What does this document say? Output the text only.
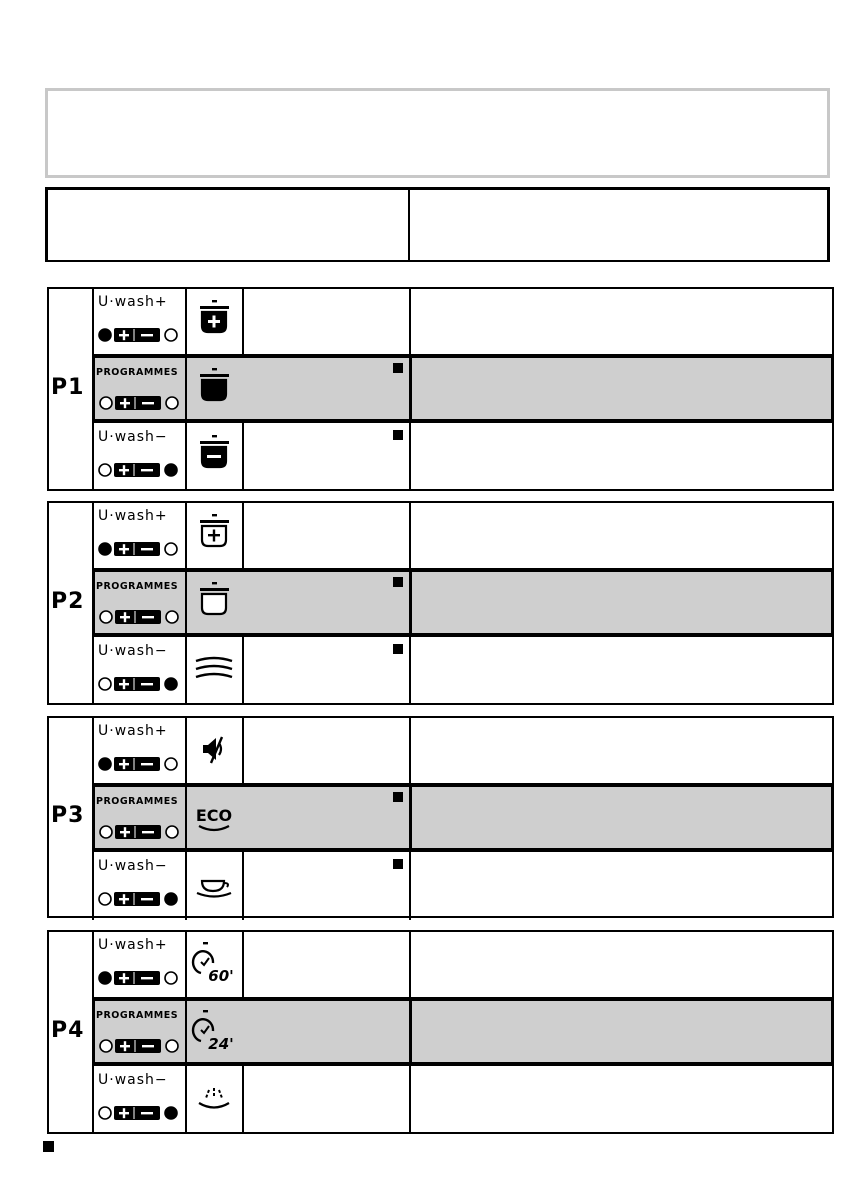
U·wash+
PROGRAMMES
U·wash−
P1
U·wash+
PROGRAMMES
U·wash−
P2
U·wash+
PROGRAMMES
ECO
U·wash−
P3
U·wash+
60'
PROGRAMMES
24'
U·wash−
P4
